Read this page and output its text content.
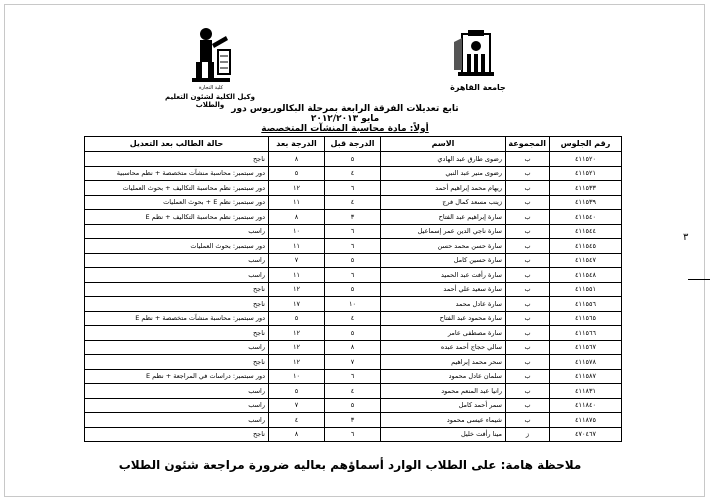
جامعة القاهرة
كلية التجارة
وكيل الكلية لشئون التعليم والطلاب تابع تعديلات الفرقة الرابعة بمرحلة البكالوريوس دور مايو ٢٠١٢/٢٠١٣
أولاً: مادة محاسبة المنشآت المتخصصة
رقم الجلوس	المجموعة	الاسم	الدرجة قبل	الدرجة بعد	حالة الطالب بعد التعديل
٤١١٥٢٠	ب	رضوى طارق عبد الهادي	٥	٨	ناجح
٤١١٥٢١	ب	رضوى منير عبد النبي	٤	٥	دور سبتمبر: محاسبة منشآت متخصصة + نظم محاسبية
٤١١٥٣٣	ب	ريهام محمد إبراهيم أحمد	٦	١٢	دور سبتمبر: نظم محاسبة التكاليف + بحوث العمليات
٤١١٥٣٩	ب	زينب مسعد كمال فرج	٤	١١	دور سبتمبر: نظم E + بحوث العمليات
٤١١٥٤٠	ب	سارة إبراهيم عبد الفتاح	٣	٨	دور سبتمبر: نظم محاسبة التكاليف + نظم E
٤١١٥٤٤	ب	سارة ناجي الدين عمر إسماعيل	٦	١٠	راسب
٤١١٥٤٥	ب	سارة حسن محمد حسن	٦	١١	دور سبتمبر: بحوث العمليات
٤١١٥٤٧	ب	سارة حسين كامل	٥	٧	راسب
٤١١٥٤٨	ب	سارة رأفت عبد الحميد	٦	١١	راسب
٤١١٥٥١	ب	سارة سعيد علي أحمد	٥	١٢	ناجح
٤١١٥٥٦	ب	سارة عادل محمد	١٠	١٧	ناجح
٤١١٥٦٥	ب	سارة محمود عبد الفتاح	٤	٥	دور سبتمبر: محاسبة منشآت متخصصة + نظم E
٤١١٥٦٦	ب	سارة مصطفى عامر	٥	١٢	ناجح
٤١١٥٦٧	ب	سالي حجاج أحمد عبده	٨	١٢	راسب
٤١١٥٧٨	ب	سحر محمد إبراهيم	٧	١٢	ناجح
٤١١٥٨٧	ب	سلمان عادل محمود	٦	١٠	دور سبتمبر: دراسات في المراجعة + نظم E
٤١١٨٣١	ب	رانيا عبد المنعم محمود	٤	٥	راسب
٤١١٨٤٠	ب	سمر أحمد كامل	٥	٧	راسب
٤١١٨٧٥	ب	شيماء عيسى محمود	٣	٤	راسب
٤٧٠٤٦٧	ز	مينا رأفت خليل	٦	٨	ناجح
٣
ملاحظة هامة: على الطلاب الوارد أسماؤهم بعاليه ضرورة مراجعة شئون الطلاب
